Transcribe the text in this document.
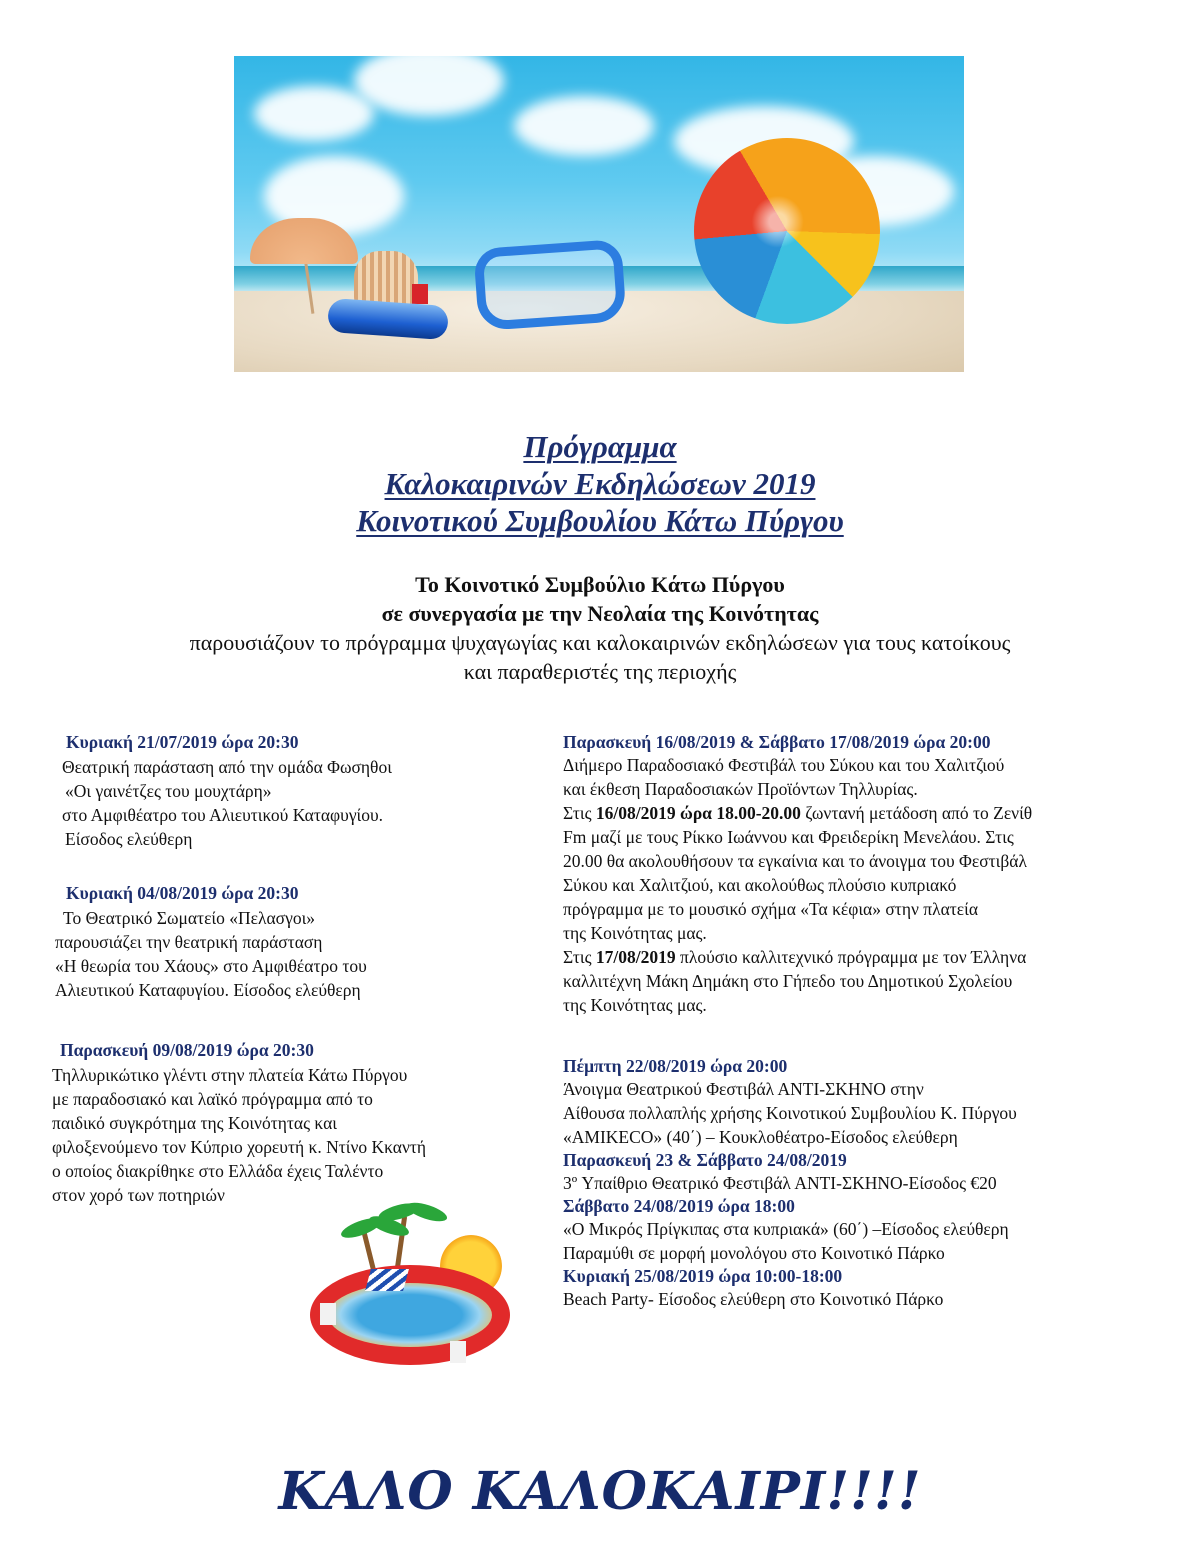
Πρόγραμμα
Καλοκαιρινών Εκδηλώσεων 2019
Κοινοτικού Συμβουλίου Κάτω Πύργου
Το Κοινοτικό Συμβούλιο Κάτω Πύργου
σε συνεργασία με την Νεολαία της Κοινότητας
παρουσιάζουν το πρόγραμμα ψυχαγωγίας και καλοκαιρινών εκδηλώσεων για τους κατοίκους
και παραθεριστές της περιοχής
Κυριακή 21/07/2019 ώρα 20:30
Θεατρική παράσταση από την ομάδα Φωσηθοι
«Οι γαινέτζες του μουχτάρη»
στο Αμφιθέατρο του Αλιευτικού Καταφυγίου.
Είσοδος ελεύθερη
Κυριακή 04/08/2019 ώρα 20:30
Το Θεατρικό Σωματείο «Πελασγοι»
παρουσιάζει την θεατρική παράσταση
«Η θεωρία του Χάους» στο Αμφιθέατρο του
Αλιευτικού Καταφυγίου. Είσοδος ελεύθερη
Παρασκευή 09/08/2019 ώρα 20:30
Τηλλυρικώτικο γλέντι στην πλατεία Κάτω Πύργου
με παραδοσιακό και λαϊκό πρόγραμμα από το
παιδικό συγκρότημα της Κοινότητας και
φιλοξενούμενο τον Κύπριο χορευτή κ. Ντίνο Κκαντή
ο οποίος διακρίθηκε στο Ελλάδα έχεις Ταλέντο
στον χορό των ποτηριών
Παρασκευή 16/08/2019 & Σάββατο 17/08/2019 ώρα 20:00
Διήμερο Παραδοσιακό Φεστιβάλ του Σύκου και του Χαλιτζιού
και έκθεση Παραδοσιακών Προϊόντων Τηλλυρίας.
Στις 16/08/2019 ώρα 18.00-20.00 ζωντανή μετάδοση από το Ζενίθ
Fm μαζί με τους Ρίκκο Ιωάννου και Φρειδερίκη Μενελάου. Στις
20.00 θα ακολουθήσουν τα εγκαίνια και το άνοιγμα του Φεστιβάλ
Σύκου και Χαλιτζιού, και ακολούθως πλούσιο κυπριακό
πρόγραμμα με το μουσικό σχήμα «Τα κέφια» στην πλατεία
της Κοινότητας μας.
Στις 17/08/2019 πλούσιο καλλιτεχνικό πρόγραμμα με τον Έλληνα
καλλιτέχνη Μάκη Δημάκη στο Γήπεδο του Δημοτικού Σχολείου
της Κοινότητας μας.
Πέμπτη 22/08/2019 ώρα 20:00
Άνοιγμα Θεατρικού Φεστιβάλ ΑΝΤΙ-ΣΚΗΝΟ στην
Αίθουσα πολλαπλής χρήσης Κοινοτικού Συμβουλίου Κ. Πύργου
«AMIKECO» (40΄) – Κουκλοθέατρο-Είσοδος ελεύθερη
Παρασκευή 23 & Σάββατο 24/08/2019
3º Υπαίθριο Θεατρικό Φεστιβάλ ΑΝΤΙ-ΣΚΗΝΟ-Είσοδος €20
Σάββατο 24/08/2019 ώρα 18:00
«Ο Μικρός Πρίγκιπας στα κυπριακά» (60΄) –Είσοδος ελεύθερη
Παραμύθι σε μορφή μονολόγου στο Κοινοτικό Πάρκο
Κυριακή 25/08/2019 ώρα 10:00-18:00
Beach Party- Είσοδος ελεύθερη στο Κοινοτικό Πάρκο
ΚΑΛΟ ΚΑΛΟΚΑΙΡΙ!!!!
